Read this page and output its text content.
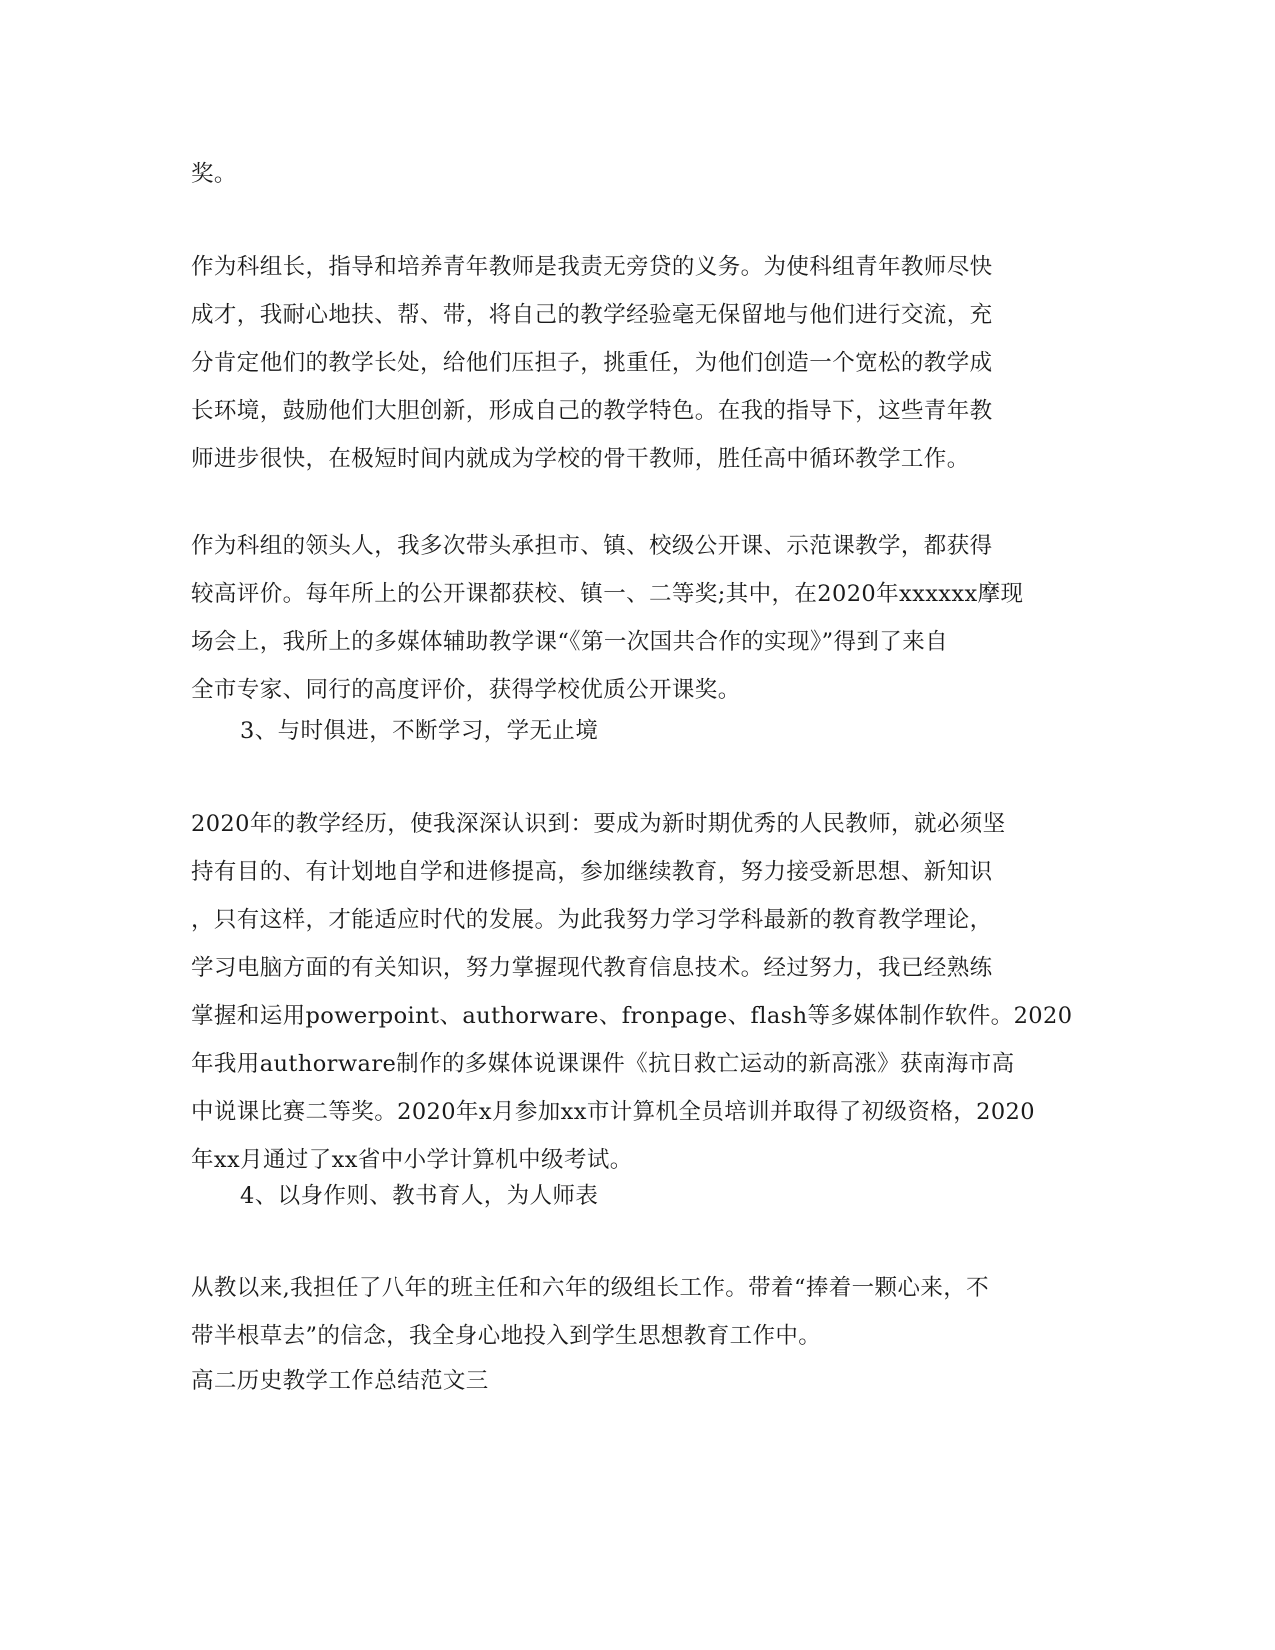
奖。
作为科组长，指导和培养青年教师是我责无旁贷的义务。为使科组青年教师尽快
成才，我耐心地扶、帮、带，将自己的教学经验毫无保留地与他们进行交流，充
分肯定他们的教学长处，给他们压担子，挑重任，为他们创造一个宽松的教学成
长环境，鼓励他们大胆创新，形成自己的教学特色。在我的指导下，这些青年教
师进步很快，在极短时间内就成为学校的骨干教师，胜任高中循环教学工作。
作为科组的领头人，我多次带头承担市、镇、校级公开课、示范课教学，都获得
较高评价。每年所上的公开课都获校、镇一、二等奖;其中，在2020年xxxxxx摩现
场会上，我所上的多媒体辅助教学课“《第一次国共合作的实现》”得到了来自
全市专家、同行的高度评价，获得学校优质公开课奖。
3、与时俱进，不断学习，学无止境
2020年的教学经历，使我深深认识到：要成为新时期优秀的人民教师，就必须坚
持有目的、有计划地自学和进修提高，参加继续教育，努力接受新思想、新知识
，只有这样，才能适应时代的发展。为此我努力学习学科最新的教育教学理论，
学习电脑方面的有关知识，努力掌握现代教育信息技术。经过努力，我已经熟练
掌握和运用powerpoint、authorware、fronpage、flash等多媒体制作软件。2020
年我用authorware制作的多媒体说课课件《抗日救亡运动的新高涨》获南海市高
中说课比赛二等奖。2020年x月参加xx市计算机全员培训并取得了初级资格，2020
年xx月通过了xx省中小学计算机中级考试。
4、以身作则、教书育人，为人师表
从教以来,我担任了八年的班主任和六年的级组长工作。带着“捧着一颗心来，不
带半根草去”的信念，我全身心地投入到学生思想教育工作中。
高二历史教学工作总结范文三
